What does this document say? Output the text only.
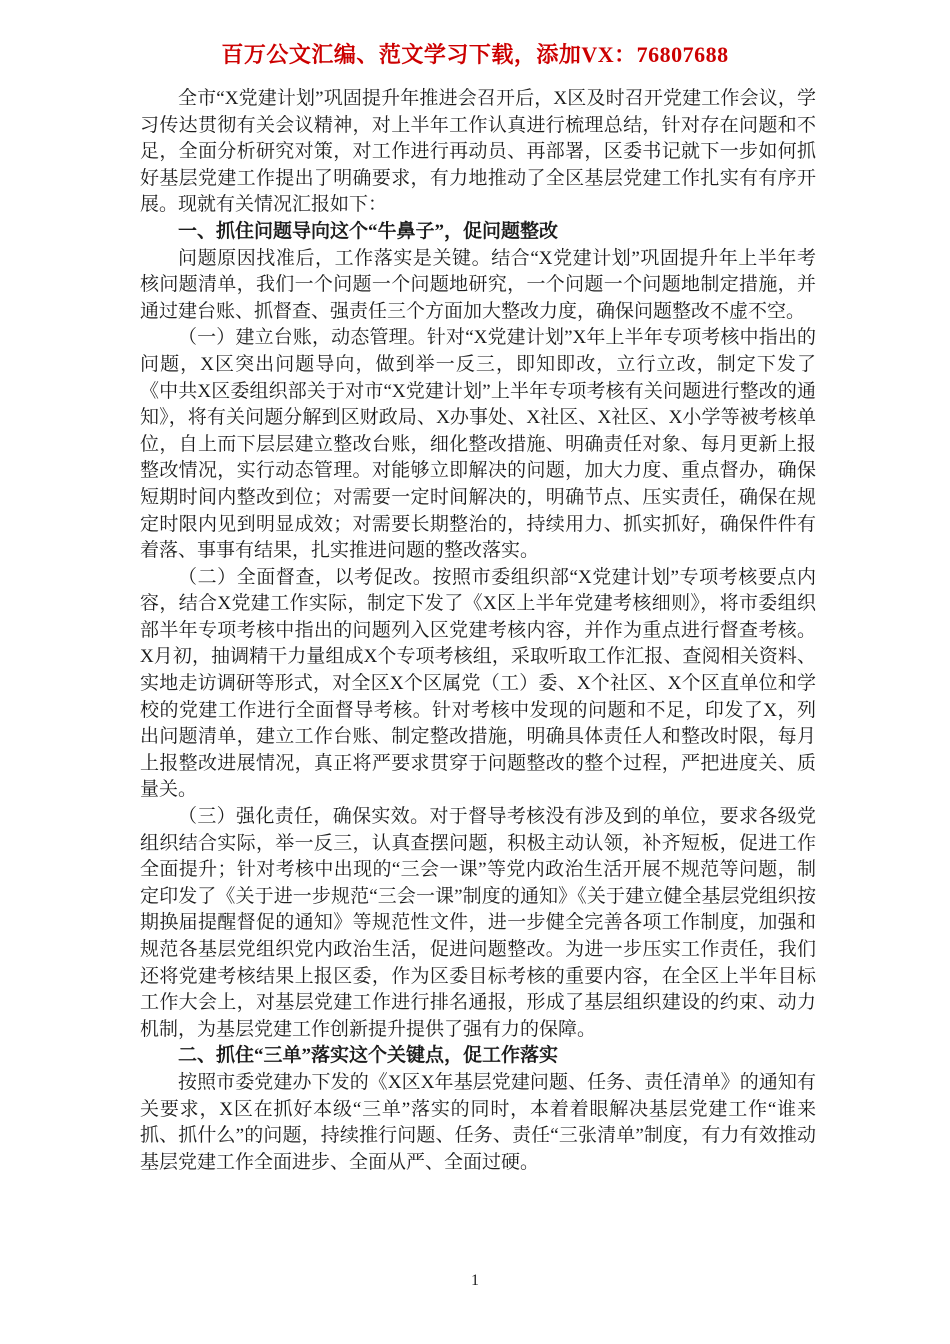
百万公文汇编、范文学习下载，添加VX：76807688

全市“X党建计划”巩固提升年推进会召开后，X区及时召开党建工作会议，学习传达贯彻有关会议精神，对上半年工作认真进行梳理总结，针对存在问题和不足，全面分析研究对策，对工作进行再动员、再部署，区委书记就下一步如何抓好基层党建工作提出了明确要求，有力地推动了全区基层党建工作扎实有有序开展。现就有关情况汇报如下：

一、抓住问题导向这个“牛鼻子”，促问题整改

问题原因找准后，工作落实是关键。结合“X党建计划”巩固提升年上半年考核问题清单，我们一个问题一个问题地研究，一个问题一个问题地制定措施，并通过建台账、抓督查、强责任三个方面加大整改力度，确保问题整改不虚不空。

（一）建立台账，动态管理。针对“X党建计划”X年上半年专项考核中指出的问题，X区突出问题导向，做到举一反三，即知即改，立行立改，制定下发了《中共X区委组织部关于对市“X党建计划”上半年专项考核有关问题进行整改的通知》，将有关问题分解到区财政局、X办事处、X社区、X社区、X小学等被考核单位，自上而下层层建立整改台账，细化整改措施、明确责任对象、每月更新上报整改情况，实行动态管理。对能够立即解决的问题，加大力度、重点督办，确保短期时间内整改到位；对需要一定时间解决的，明确节点、压实责任，确保在规定时限内见到明显成效；对需要长期整治的，持续用力、抓实抓好，确保件件有着落、事事有结果，扎实推进问题的整改落实。

（二）全面督查，以考促改。按照市委组织部“X党建计划”专项考核要点内容，结合X党建工作实际，制定下发了《X区上半年党建考核细则》，将市委组织部半年专项考核中指出的问题列入区党建考核内容，并作为重点进行督查考核。X月初，抽调精干力量组成X个专项考核组，采取听取工作汇报、查阅相关资料、实地走访调研等形式，对全区X个区属党（工）委、X个社区、X个区直单位和学校的党建工作进行全面督导考核。针对考核中发现的问题和不足，印发了X，列出问题清单，建立工作台账、制定整改措施，明确具体责任人和整改时限，每月上报整改进展情况，真正将严要求贯穿于问题整改的整个过程，严把进度关、质量关。

（三）强化责任，确保实效。对于督导考核没有涉及到的单位，要求各级党组织结合实际，举一反三，认真查摆问题，积极主动认领，补齐短板，促进工作全面提升；针对考核中出现的“三会一课”等党内政治生活开展不规范等问题，制定印发了《关于进一步规范“三会一课”制度的通知》《关于建立健全基层党组织按期换届提醒督促的通知》等规范性文件，进一步健全完善各项工作制度，加强和规范各基层党组织党内政治生活，促进问题整改。为进一步压实工作责任，我们还将党建考核结果上报区委，作为区委目标考核的重要内容，在全区上半年目标工作大会上，对基层党建工作进行排名通报，形成了基层组织建设的约束、动力机制，为基层党建工作创新提升提供了强有力的保障。

二、抓住“三单”落实这个关键点，促工作落实

按照市委党建办下发的《X区X年基层党建问题、任务、责任清单》的通知有关要求，X区在抓好本级“三单”落实的同时，本着着眼解决基层党建工作“谁来抓、抓什么”的问题，持续推行问题、任务、责任“三张清单”制度，有力有效推动基层党建工作全面进步、全面从严、全面过硬。

1
